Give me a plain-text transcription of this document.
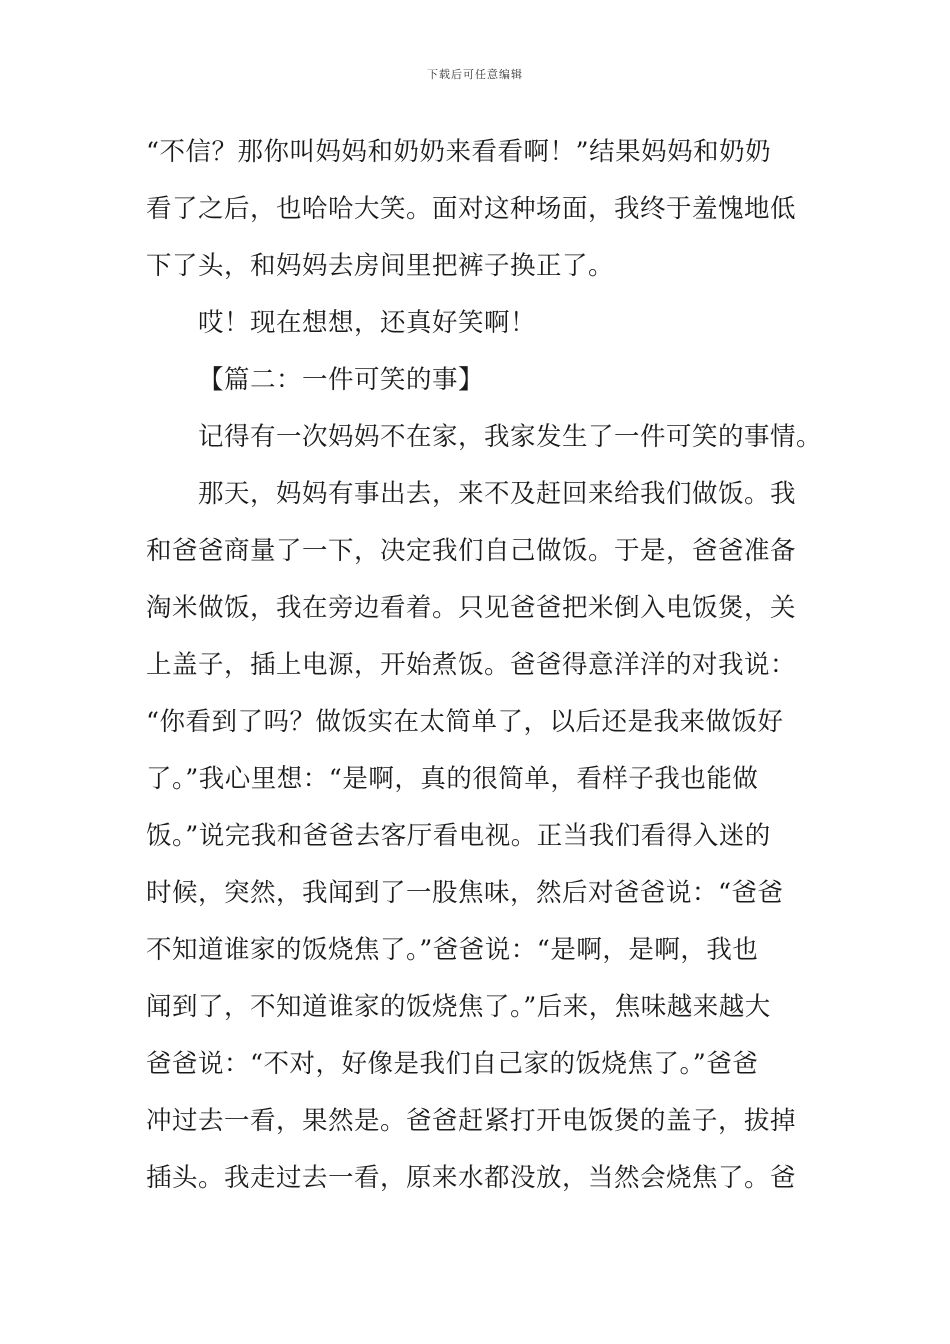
下载后可任意编辑
“不信？那你叫妈妈和奶奶来看看啊！”结果妈妈和奶奶
看了之后，也哈哈大笑。面对这种场面，我终于羞愧地低
下了头，和妈妈去房间里把裤子换正了。
哎！现在想想，还真好笑啊！
【篇二：一件可笑的事】
记得有一次妈妈不在家，我家发生了一件可笑的事情。
那天，妈妈有事出去，来不及赶回来给我们做饭。我
和爸爸商量了一下，决定我们自己做饭。于是，爸爸准备
淘米做饭，我在旁边看着。只见爸爸把米倒入电饭煲，关
上盖子，插上电源，开始煮饭。爸爸得意洋洋的对我说：
“你看到了吗？做饭实在太简单了，以后还是我来做饭好
了。”我心里想：“是啊，真的很简单，看样子我也能做
饭。”说完我和爸爸去客厅看电视。正当我们看得入迷的
时候，突然，我闻到了一股焦味，然后对爸爸说：“爸爸
不知道谁家的饭烧焦了。”爸爸说：“是啊，是啊，我也
闻到了，不知道谁家的饭烧焦了。”后来，焦味越来越大
爸爸说：“不对，好像是我们自己家的饭烧焦了。”爸爸
冲过去一看，果然是。爸爸赶紧打开电饭煲的盖子，拔掉
插头。我走过去一看，原来水都没放，当然会烧焦了。爸
